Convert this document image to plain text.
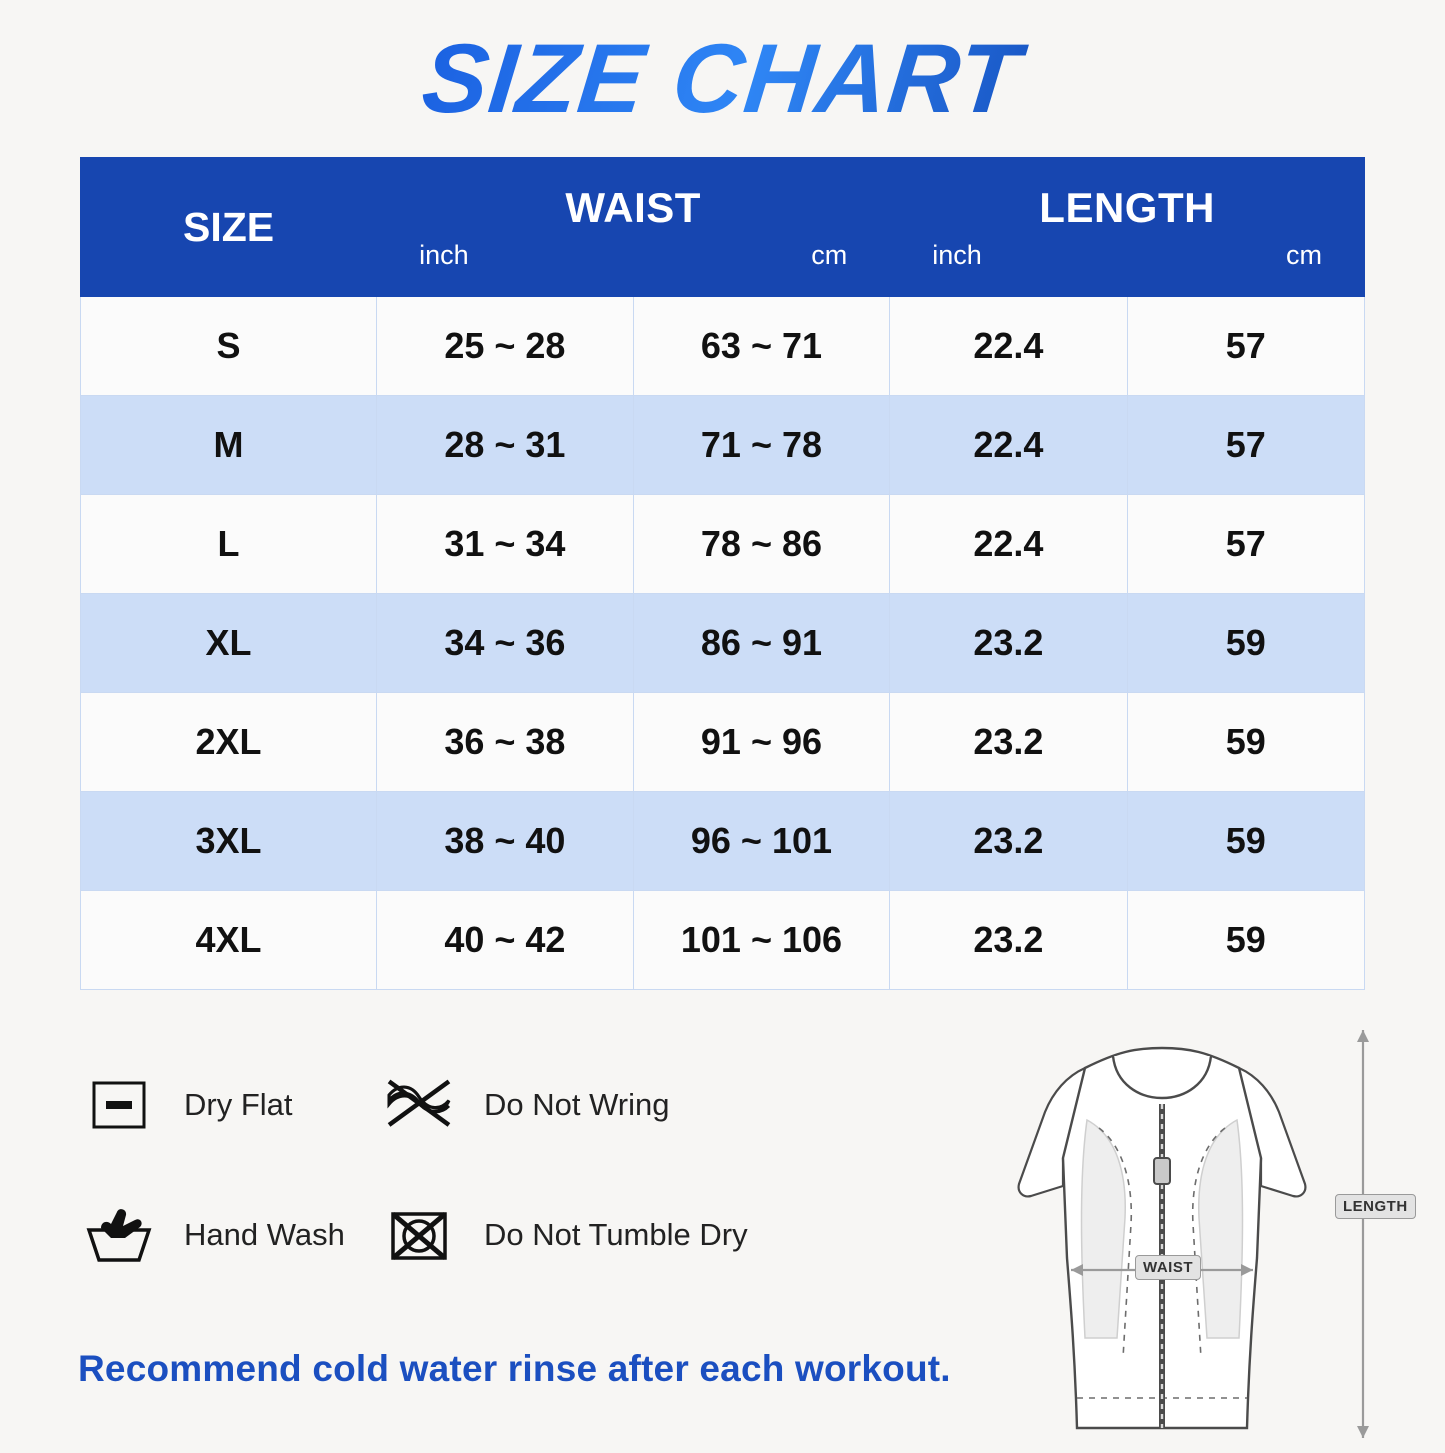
SIZE CHART
SIZE	WAIST
inch	cm

LENGTH
inch	cm

S	25 ~ 28	63 ~ 71	22.4	57
M	28 ~ 31	71 ~ 78	22.4	57
L	31 ~ 34	78 ~ 86	22.4	57
XL	34 ~ 36	86 ~ 91	23.2	59
2XL	36 ~ 38	91 ~ 96	23.2	59
3XL	38 ~ 40	96 ~ 101	23.2	59
4XL	40 ~ 42	101 ~ 106	23.2	59
Dry Flat	Do Not Wring
Hand Wash	Do Not Tumble Dry
Recommend cold water rinse after each workout.
WAIST
LENGTH
